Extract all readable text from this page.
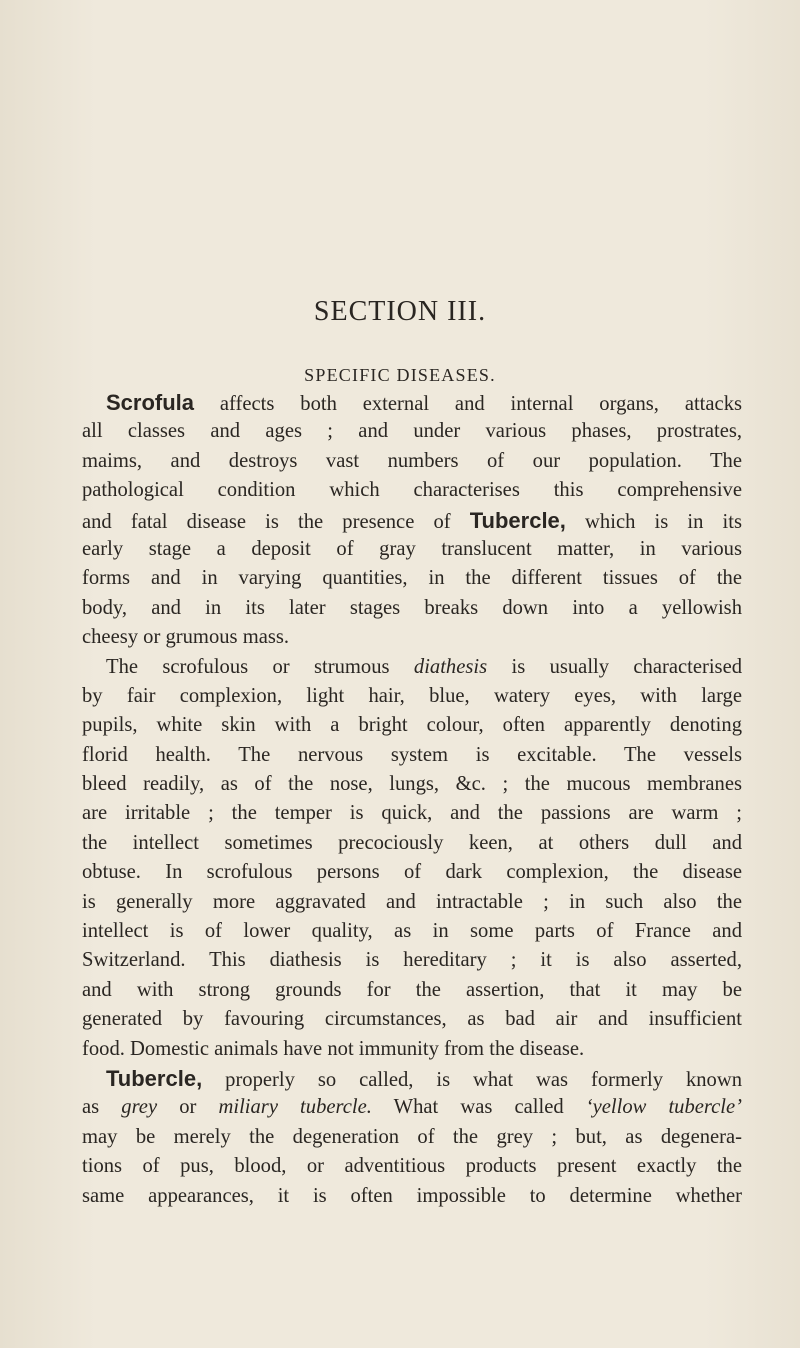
SECTION III.
SPECIFIC DISEASES.
Scrofula affects both external and internal organs, attacks
all classes and ages ; and under various phases, prostrates,
maims, and destroys vast numbers of our population. The
pathological condition which characterises this comprehensive
and fatal disease is the presence of Tubercle, which is in its
early stage a deposit of gray translucent matter, in various
forms and in varying quantities, in the different tissues of the
body, and in its later stages breaks down into a yellowish
cheesy or grumous mass.
The scrofulous or strumous diathesis is usually characterised
by fair complexion, light hair, blue, watery eyes, with large
pupils, white skin with a bright colour, often apparently denoting
florid health. The nervous system is excitable. The vessels
bleed readily, as of the nose, lungs, &c. ; the mucous membranes
are irritable ; the temper is quick, and the passions are warm ;
the intellect sometimes precociously keen, at others dull and
obtuse. In scrofulous persons of dark complexion, the disease
is generally more aggravated and intractable ; in such also the
intellect is of lower quality, as in some parts of France and
Switzerland. This diathesis is hereditary ; it is also asserted,
and with strong grounds for the assertion, that it may be
generated by favouring circumstances, as bad air and insufficient
food. Domestic animals have not immunity from the disease.
Tubercle, properly so called, is what was formerly known
as grey or miliary tubercle. What was called ‘yellow tubercle’
may be merely the degeneration of the grey ; but, as degenera-
tions of pus, blood, or adventitious products present exactly the
same appearances, it is often impossible to determine whether
